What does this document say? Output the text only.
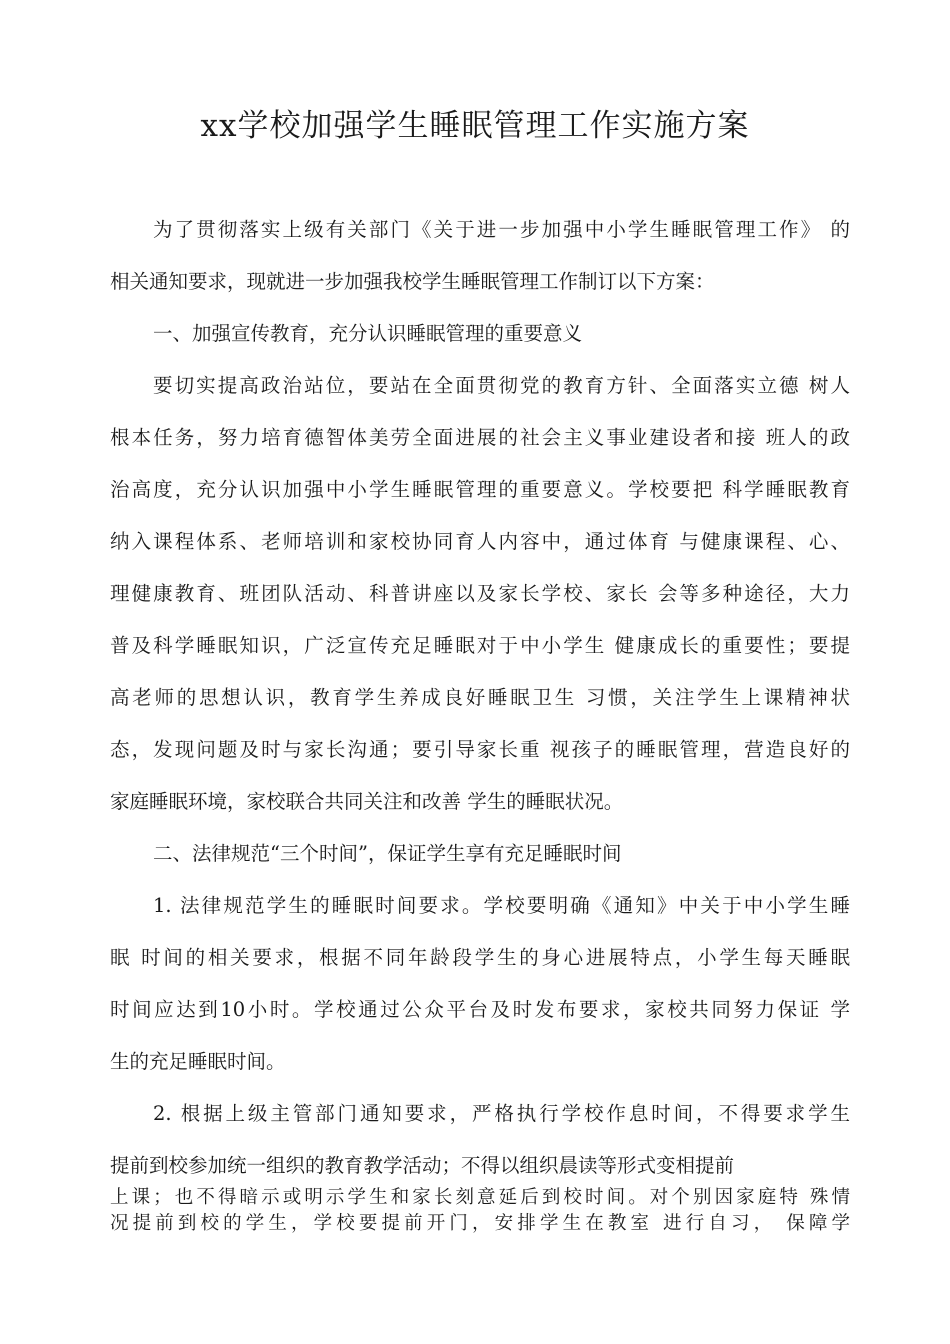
xx学校加强学生睡眠管理工作实施方案

为了贯彻落实上级有关部门《关于进一步加强中小学生睡眠管理工作》 的

相关通知要求，现就进一步加强我校学生睡眠管理工作制订以下方案：

一、加强宣传教育，充分认识睡眠管理的重要意义

要切实提高政治站位，要站在全面贯彻党的教育方针、全面落实立德 树人

根本任务，努力培育德智体美劳全面进展的社会主义事业建设者和接 班人的政

治高度，充分认识加强中小学生睡眠管理的重要意义。学校要把 科学睡眠教育

纳入课程体系、老师培训和家校协同育人内容中，通过体育 与健康课程、心、

理健康教育、班团队活动、科普讲座以及家长学校、家长 会等多种途径，大力

普及科学睡眠知识，广泛宣传充足睡眠对于中小学生 健康成长的重要性；要提

高老师的思想认识，教育学生养成良好睡眠卫生 习惯，关注学生上课精神状

态，发现问题及时与家长沟通；要引导家长重 视孩子的睡眠管理，营造良好的

家庭睡眠环境，家校联合共同关注和改善 学生的睡眠状况。

二、法律规范“三个时间”，保证学生享有充足睡眠时间

1. 法律规范学生的睡眠时间要求。学校要明确《通知》中关于中小学生睡

眠 时间的相关要求，根据不同年龄段学生的身心进展特点，小学生每天睡眠

时间应达到10小时。学校通过公众平台及时发布要求，家校共同努力保证 学

生的充足睡眠时间。

2. 根据上级主管部门通知要求，严格执行学校作息时间，不得要求学生

提前到校参加统一组织的教育教学活动；不得以组织晨读等形式变相提前

上课；也不得暗示或明示学生和家长刻意延后到校时间。对个别因家庭特 殊情

况提前到校的学生，学校要提前开门，安排学生在教室 进行自习， 保障学
